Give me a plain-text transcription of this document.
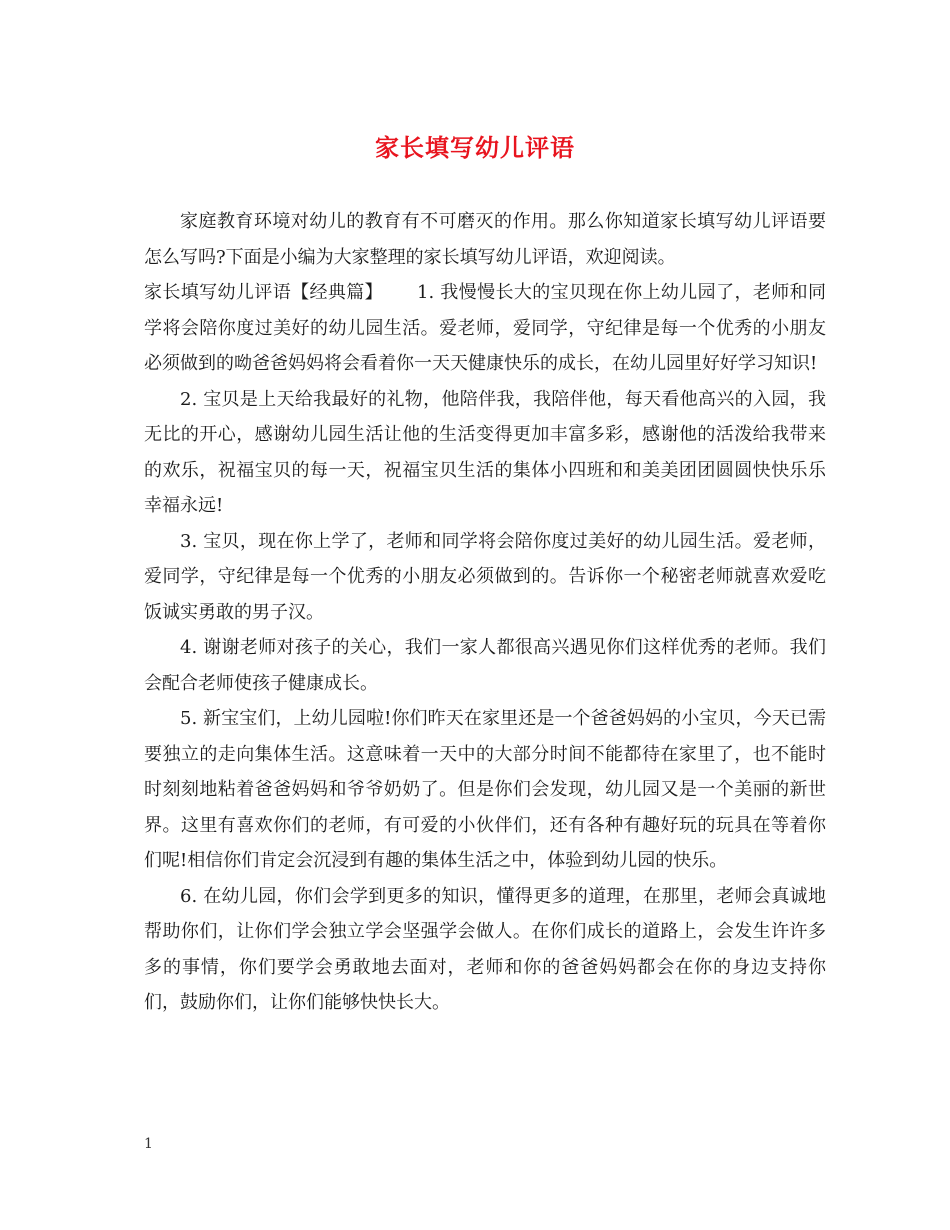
家长填写幼儿评语

家庭教育环境对幼儿的教育有不可磨灭的作用。那么你知道家长填写幼儿评语要怎么写吗?下面是小编为大家整理的家长填写幼儿评语，欢迎阅读。

家长填写幼儿评语【经典篇】 1. 我慢慢长大的宝贝现在你上幼儿园了，老师和同学将会陪你度过美好的幼儿园生活。爱老师，爱同学，守纪律是每一个优秀的小朋友必须做到的呦爸爸妈妈将会看着你一天天健康快乐的成长，在幼儿园里好好学习知识!

2. 宝贝是上天给我最好的礼物，他陪伴我，我陪伴他，每天看他高兴的入园，我无比的开心，感谢幼儿园生活让他的生活变得更加丰富多彩，感谢他的活泼给我带来的欢乐，祝福宝贝的每一天，祝福宝贝生活的集体小四班和和美美团团圆圆快快乐乐幸福永远!

3. 宝贝，现在你上学了，老师和同学将会陪你度过美好的幼儿园生活。爱老师，爱同学，守纪律是每一个优秀的小朋友必须做到的。告诉你一个秘密老师就喜欢爱吃饭诚实勇敢的男子汉。

4. 谢谢老师对孩子的关心，我们一家人都很高兴遇见你们这样优秀的老师。我们会配合老师使孩子健康成长。

5. 新宝宝们，上幼儿园啦!你们昨天在家里还是一个爸爸妈妈的小宝贝，今天已需要独立的走向集体生活。这意味着一天中的大部分时间不能都待在家里了，也不能时时刻刻地粘着爸爸妈妈和爷爷奶奶了。但是你们会发现，幼儿园又是一个美丽的新世界。这里有喜欢你们的老师，有可爱的小伙伴们，还有各种有趣好玩的玩具在等着你们呢!相信你们肯定会沉浸到有趣的集体生活之中，体验到幼儿园的快乐。

6. 在幼儿园，你们会学到更多的知识，懂得更多的道理，在那里，老师会真诚地帮助你们，让你们学会独立学会坚强学会做人。在你们成长的道路上，会发生许许多多的事情，你们要学会勇敢地去面对，老师和你的爸爸妈妈都会在你的身边支持你们，鼓励你们，让你们能够快快长大。

1
